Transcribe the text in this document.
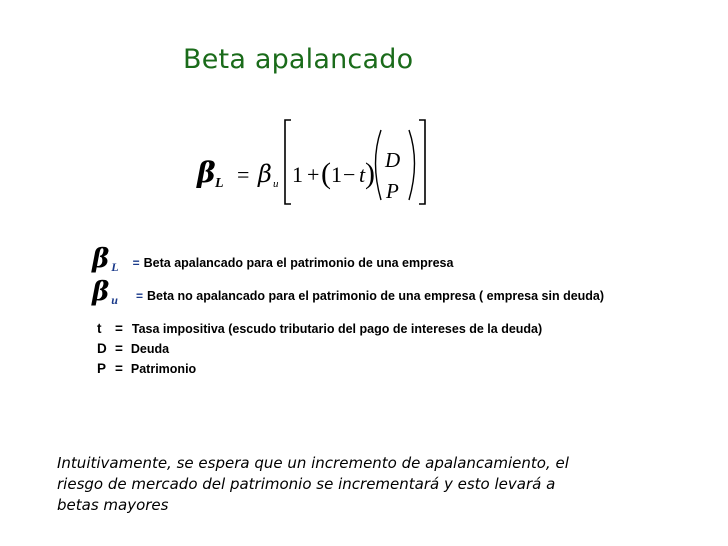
Beta apalancado
β L = β u 1 + ( 1 − t ) D
P
β L = Beta apalancado para el patrimonio de una empresa
β u = Beta no apalancado para el patrimonio de una empresa ( empresa sin deuda)
t	= Tasa impositiva (escudo tributario del pago de intereses de la deuda)
D = Deuda
P = Patrimonio
Intuitivamente, se espera que un incremento de apalancamiento, el
riesgo de mercado del patrimonio se incrementará y esto levará a
betas mayores
